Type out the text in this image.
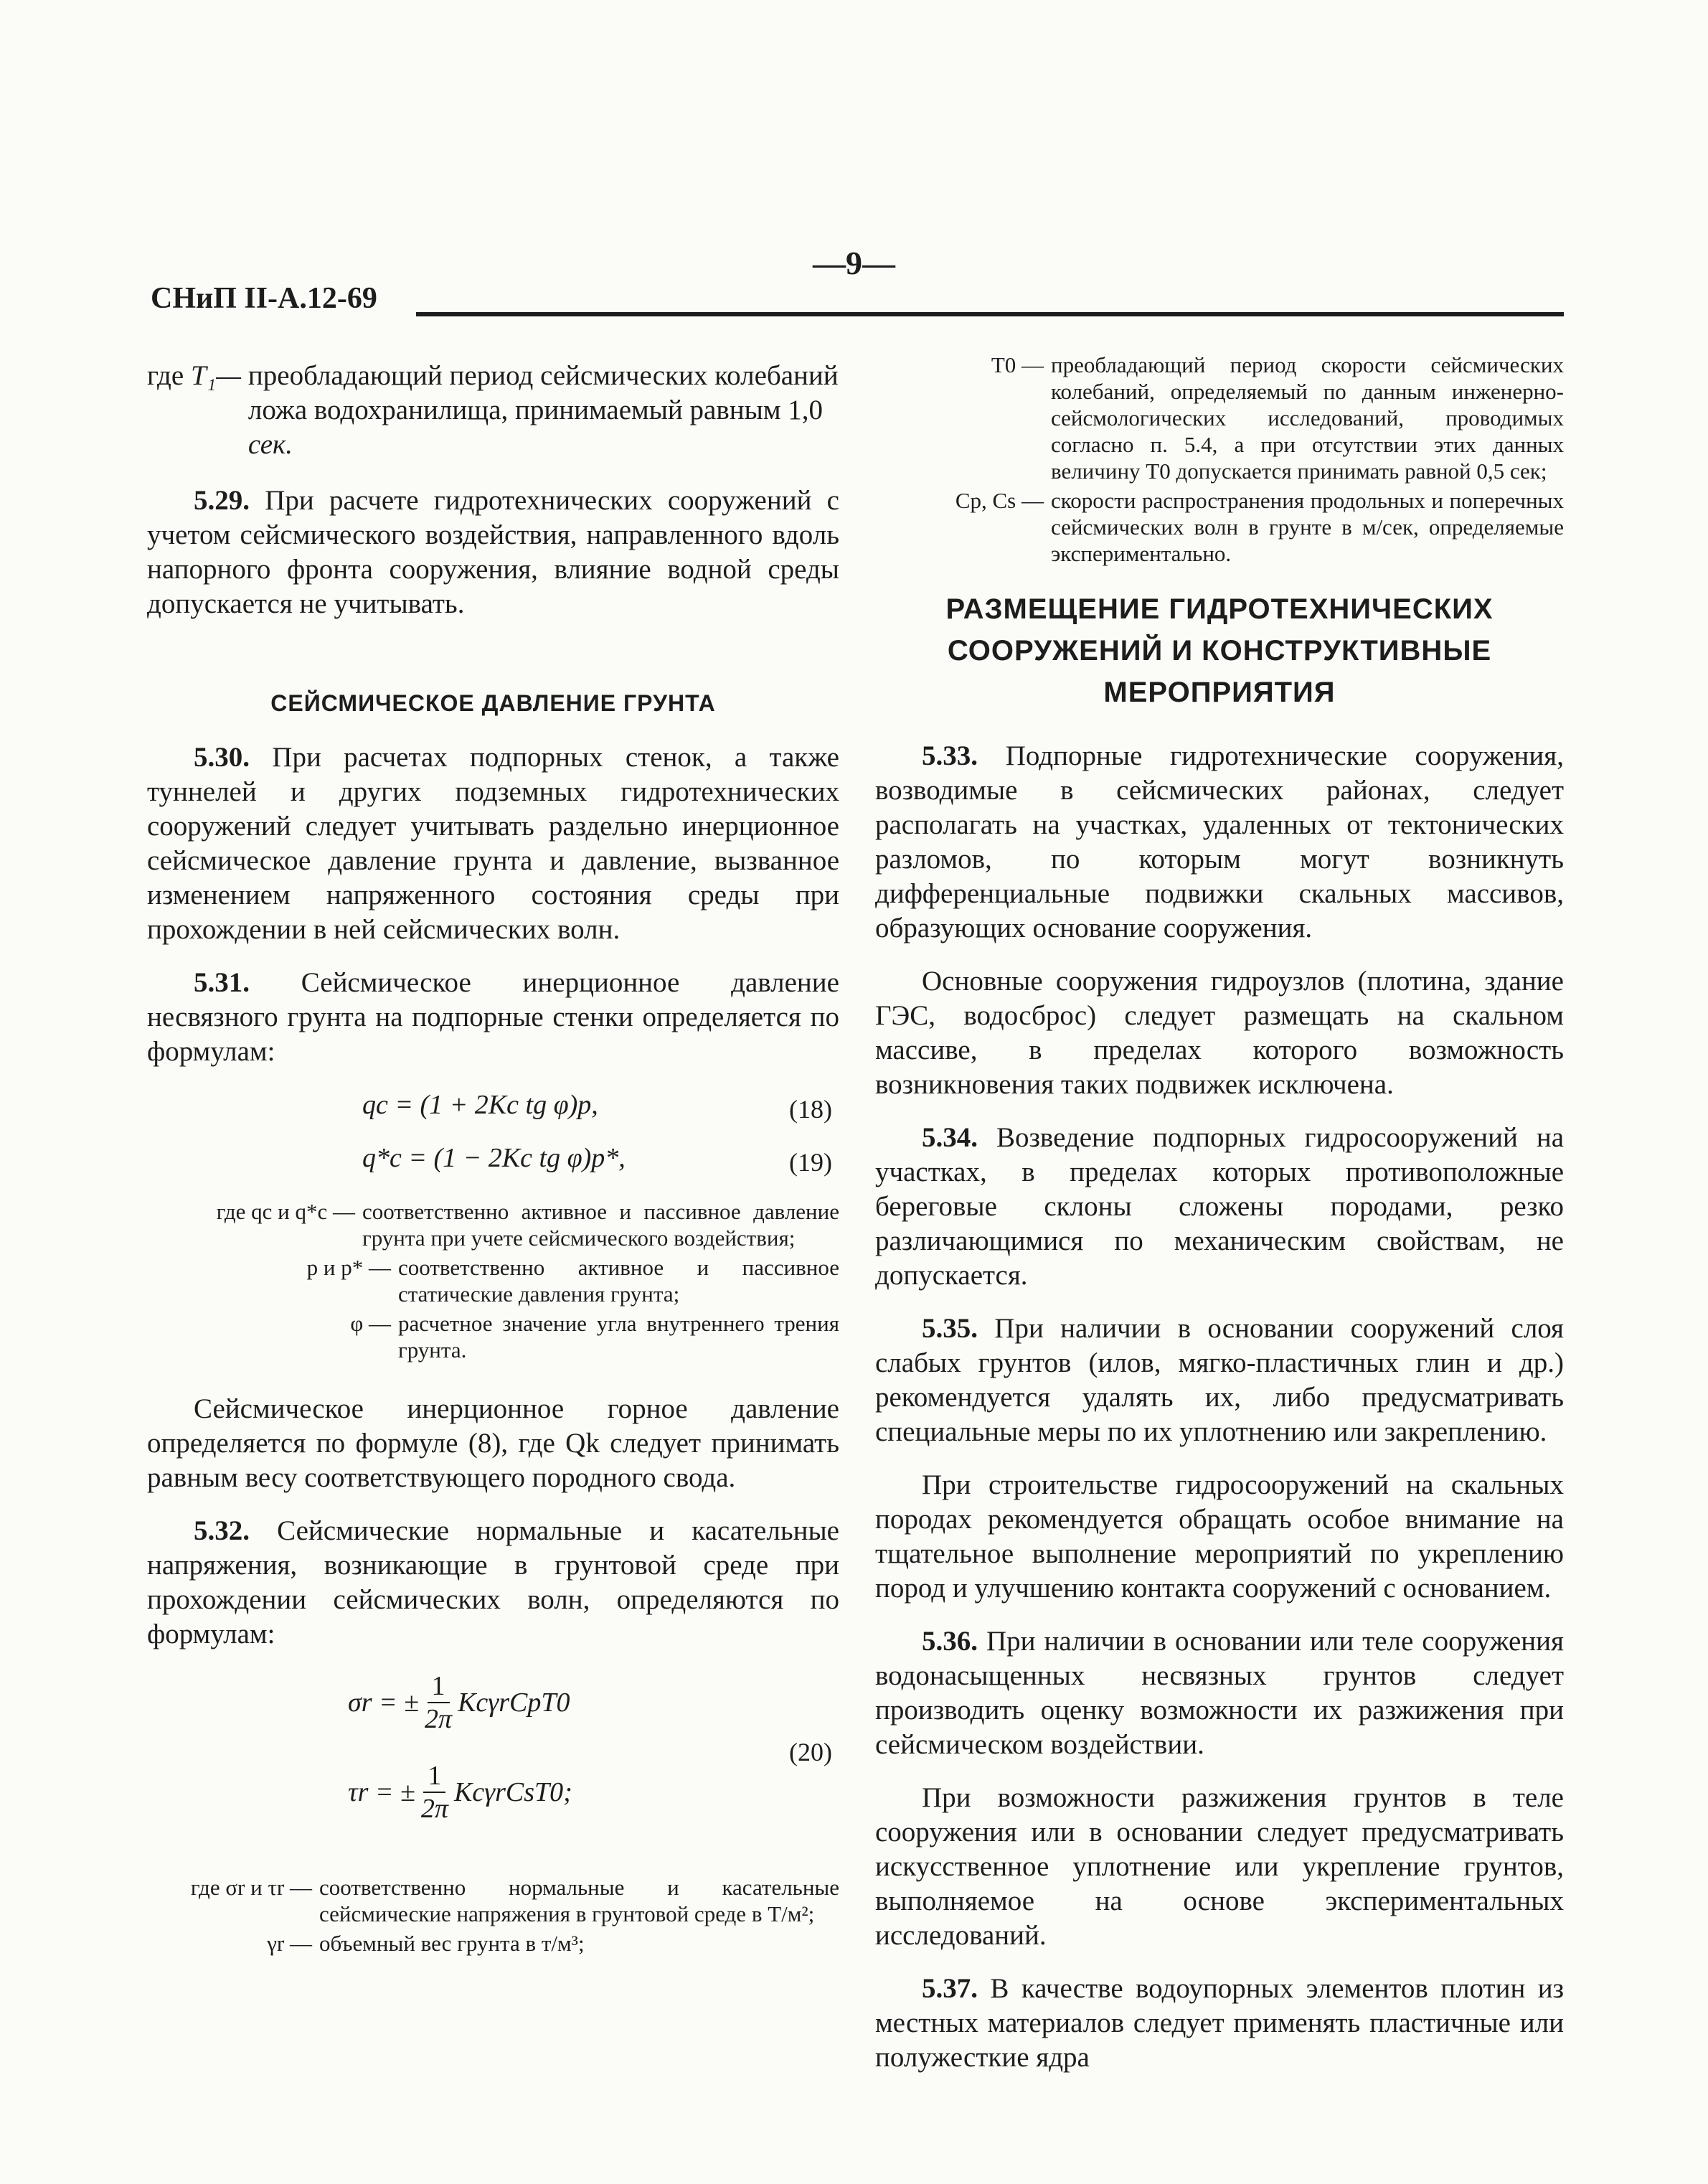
—9—
СНиП II-А.12-69
где T₁— преобладающий период сейсмических колебаний ложа водохранилища, принимаемый равным 1,0 сек.

5.29. При расчете гидротехнических сооружений с учетом сейсмического воздействия, направленного вдоль напорного фронта сооружения, влияние водной среды допускается не учитывать.

СЕЙСМИЧЕСКОЕ ДАВЛЕНИЕ ГРУНТА

5.30. При расчетах подпорных стенок, а также туннелей и других подземных гидротехнических сооружений следует учитывать раздельно инерционное сейсмическое давление грунта и давление, вызванное изменением напряженного состояния среды при прохождении в ней сейсмических волн.

5.31. Сейсмическое инерционное давление несвязного грунта на подпорные стенки определяется по формулам:

qc = (1 + 2Kc tg φ)p,	(18)
q*c = (1 − 2Kc tg φ)p*,	(19)
где qc и q*c — соответственно активное и пассивное давление грунта при учете сейсмического воздействия;
p и p* — соответственно активное и пассивное статические давления грунта;
φ — расчетное значение угла внутреннего трения грунта.

Сейсмическое инерционное горное давление определяется по формуле (8), где Qk следует принимать равным весу соответствующего породного свода.

5.32. Сейсмические нормальные и касательные напряжения, возникающие в грунтовой среде при прохождении сейсмических волн, определяются по формулам:

σr = ± $\frac{1}{2\pi}$ KcγrCpT0
τr = ± $\frac{1}{2\pi}$ KcγrCsT0;
(20)
где σr и τr — соответственно нормальные и касательные сейсмические напряжения в грунтовой среде в Т/м²;
γr — объемный вес грунта в т/м³;
T0 — преобладающий период скорости сейсмических колебаний, определяемый по данным инженерно-сейсмологических исследований, проводимых согласно п. 5.4, а при отсутствии этих данных величину T0 допускается принимать равной 0,5 сек;
Cp, Cs — скорости распространения продольных и поперечных сейсмических волн в грунте в м/сек, определяемые экспериментально.
РАЗМЕЩЕНИЕ ГИДРОТЕХНИЧЕСКИХ СООРУЖЕНИЙ И КОНСТРУКТИВНЫЕ МЕРОПРИЯТИЯ

5.33. Подпорные гидротехнические сооружения, возводимые в сейсмических районах, следует располагать на участках, удаленных от тектонических разломов, по которым могут возникнуть дифференциальные подвижки скальных массивов, образующих основание сооружения.

Основные сооружения гидроузлов (плотина, здание ГЭС, водосброс) следует размещать на скальном массиве, в пределах которого возможность возникновения таких подвижек исключена.

5.34. Возведение подпорных гидросооружений на участках, в пределах которых противоположные береговые склоны сложены породами, резко различающимися по механическим свойствам, не допускается.

5.35. При наличии в основании сооружений слоя слабых грунтов (илов, мягко-пластичных глин и др.) рекомендуется удалять их, либо предусматривать специальные меры по их уплотнению или закреплению.

При строительстве гидросооружений на скальных породах рекомендуется обращать особое внимание на тщательное выполнение мероприятий по укреплению пород и улучшению контакта сооружений с основанием.

5.36. При наличии в основании или теле сооружения водонасыщенных несвязных грунтов следует производить оценку возможности их разжижения при сейсмическом воздействии.

При возможности разжижения грунтов в теле сооружения или в основании следует предусматривать искусственное уплотнение или укрепление грунтов, выполняемое на основе экспериментальных исследований.

5.37. В качестве водоупорных элементов плотин из местных материалов следует применять пластичные или полужесткие ядра
